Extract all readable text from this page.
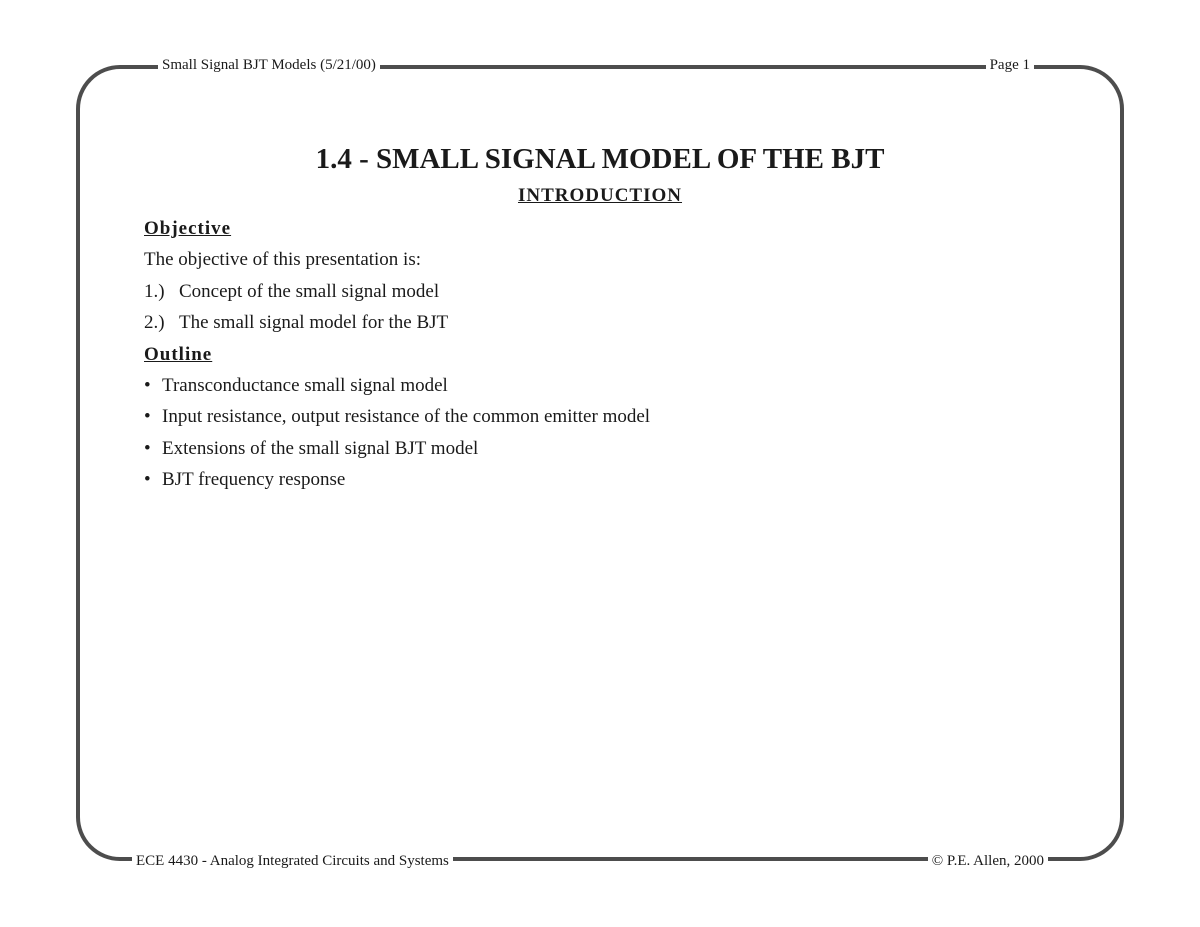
Small Signal BJT Models (5/21/00)	Page 1
ECE 4430 - Analog Integrated Circuits and Systems	© P.E. Allen, 2000
1.4 - SMALL SIGNAL MODEL OF THE BJT
INTRODUCTION
Objective
The objective of this presentation is:
1.) Concept of the small signal model
2.) The small signal model for the BJT
Outline
• Transconductance small signal model
• Input resistance, output resistance of the common emitter model
• Extensions of the small signal BJT model
• BJT frequency response
